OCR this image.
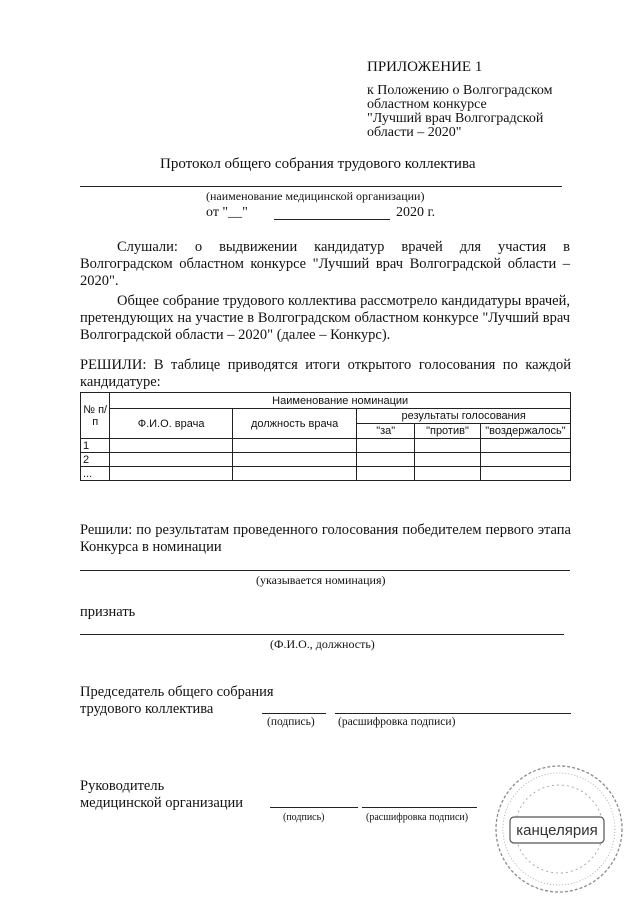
ПРИЛОЖЕНИЕ 1
к Положению о Волгоградском
областном конкурсе
"Лучший врач Волгоградской
области – 2020"
Протокол общего собрания трудового коллектива
(наименование медицинской организации)
от "__"	2020 г.
Слушали: о выдвижении кандидатур врачей для участия в Волгоградском областном конкурсе "Лучший врач Волгоградской области – 2020".
Общее собрание трудового коллектива рассмотрело кандидатуры врачей, претендующих на участие в Волгоградском областном конкурсе "Лучший врач Волгоградской области – 2020" (далее – Конкурс).
РЕШИЛИ: В таблице приводятся итоги открытого голосования по каждой кандидатуре:
№ п/п	Наименование номинации				
	Ф.И.О. врача	должность врача	результаты голосования		
			"за"	"против"	"воздержалось"
1					
2					
...					
Решили: по результатам проведенного голосования победителем первого этапа Конкурса в номинации
(указывается номинация)
признать
(Ф.И.О., должность)
Председатель общего собрания
трудового коллектива
(подпись) (расшифровка подписи)
Руководитель
медицинской организации
(подпись)	(расшифровка подписи)
канцелярия
